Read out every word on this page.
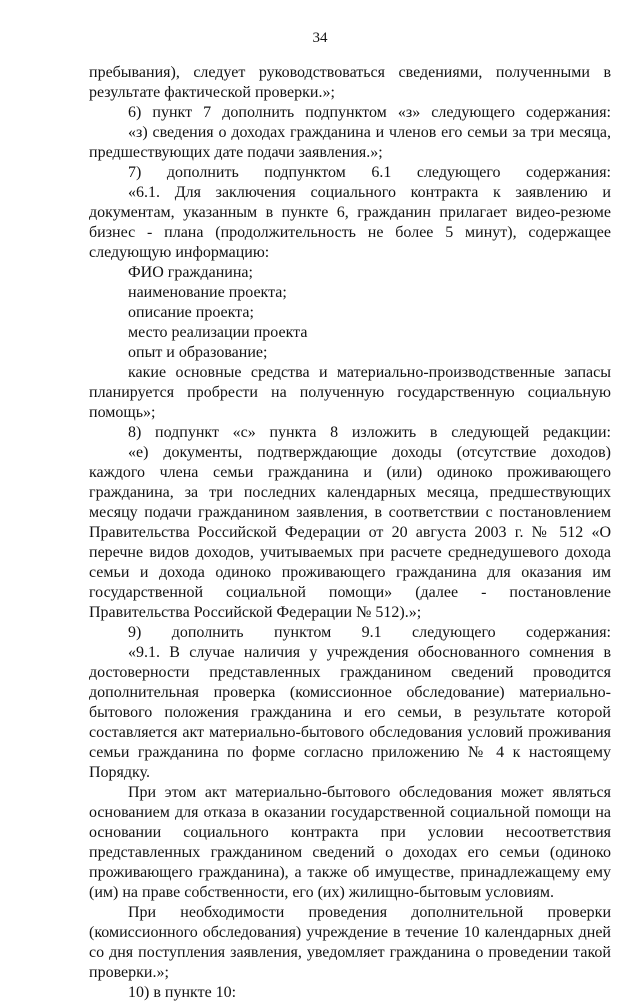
34

пребывания), следует руководствоваться сведениями, полученными в результате фактической проверки.»;

6) пункт 7 дополнить подпунктом «з» следующего содержания:

«з) сведения о доходах гражданина и членов его семьи за три месяца, предшествующих дате подачи заявления.»;

7) дополнить подпунктом 6.1 следующего содержания:

«6.1. Для заключения социального контракта к заявлению и документам, указанным в пункте 6, гражданин прилагает видео-резюме бизнес - плана (продолжительность не более 5 минут), содержащее следующую информацию:

ФИО гражданина;

наименование проекта;

описание проекта;

место реализации проекта

опыт и образование;

какие основные средства и материально-производственные запасы планируется пробрести на полученную государственную социальную помощь»;

8) подпункт «с» пункта 8 изложить в следующей редакции:

«е) документы, подтверждающие доходы (отсутствие доходов) каждого члена семьи гражданина и (или) одиноко проживающего гражданина, за три последних календарных месяца, предшествующих месяцу подачи гражданином заявления, в соответствии с постановлением Правительства Российской Федерации от 20 августа 2003 г. № 512 «О перечне видов доходов, учитываемых при расчете среднедушевого дохода семьи и дохода одиноко проживающего гражданина для оказания им государственной социальной помощи» (далее - постановление Правительства Российской Федерации № 512).»;

9) дополнить пунктом 9.1 следующего содержания:

«9.1. В случае наличия у учреждения обоснованного сомнения в достоверности представленных гражданином сведений проводится дополнительная проверка (комиссионное обследование) материально-бытового положения гражданина и его семьи, в результате которой составляется акт материально-бытового обследования условий проживания семьи гражданина по форме согласно приложению № 4 к настоящему Порядку.

При этом акт материально-бытового обследования может являться основанием для отказа в оказании государственной социальной помощи на основании социального контракта при условии несоответствия представленных гражданином сведений о доходах его семьи (одиноко проживающего гражданина), а также об имуществе, принадлежащему ему (им) на праве собственности, его (их) жилищно-бытовым условиям.

При необходимости проведения дополнительной проверки (комиссионного обследования) учреждение в течение 10 календарных дней со дня поступления заявления, уведомляет гражданина о проведении такой проверки.»;

10) в пункте 10:
